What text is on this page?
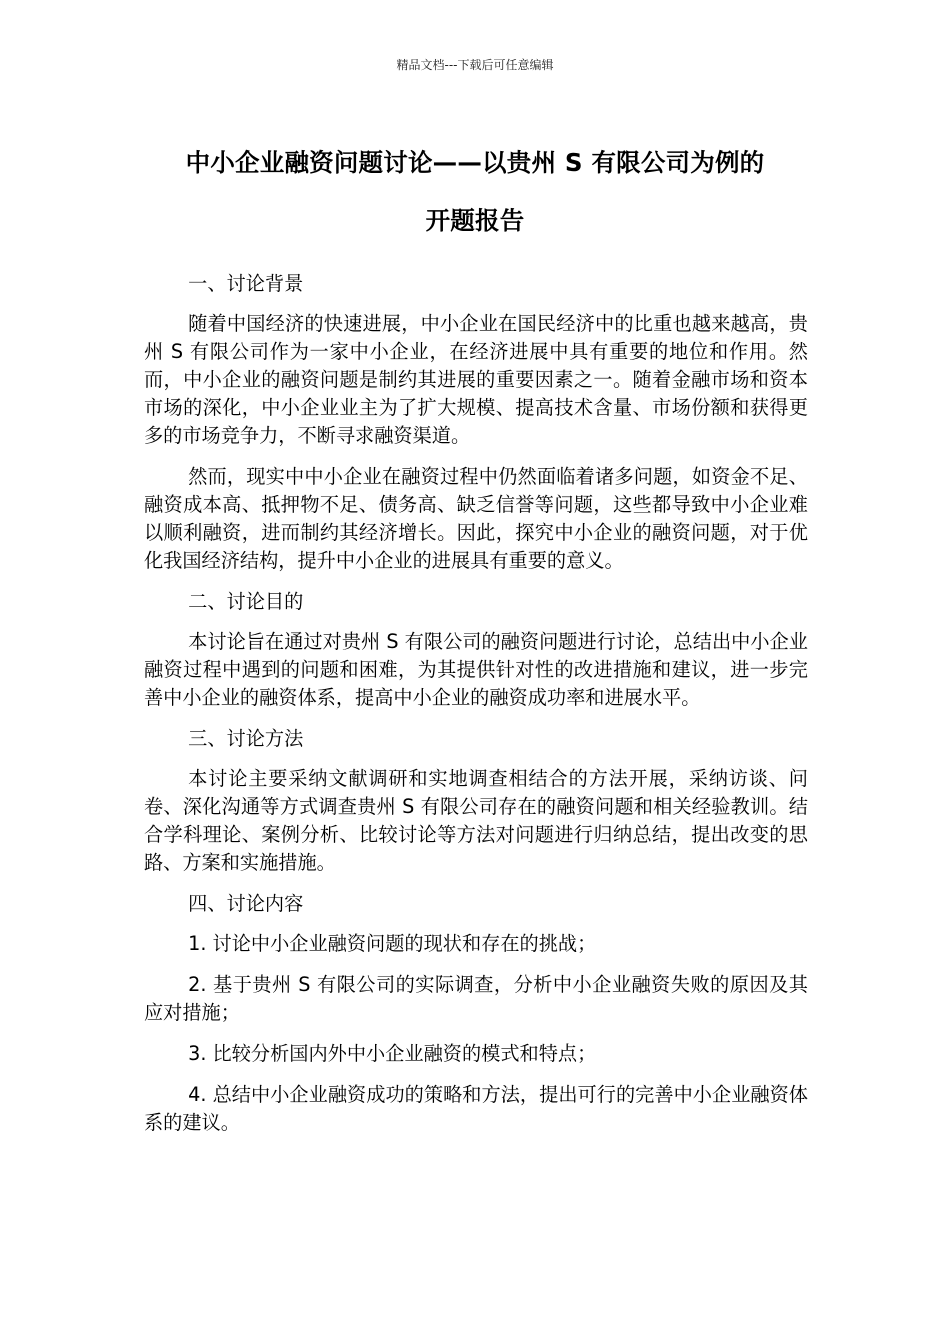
精品文档---下载后可任意编辑
中小企业融资问题讨论——以贵州 S 有限公司为例的
开题报告

一、讨论背景

随着中国经济的快速进展，中小企业在国民经济中的比重也越来越高，贵州 S 有限公司作为一家中小企业，在经济进展中具有重要的地位和作用。然而，中小企业的融资问题是制约其进展的重要因素之一。随着金融市场和资本市场的深化，中小企业业主为了扩大规模、提高技术含量、市场份额和获得更多的市场竞争力，不断寻求融资渠道。

然而，现实中中小企业在融资过程中仍然面临着诸多问题，如资金不足、融资成本高、抵押物不足、债务高、缺乏信誉等问题，这些都导致中小企业难以顺利融资，进而制约其经济增长。因此，探究中小企业的融资问题，对于优化我国经济结构，提升中小企业的进展具有重要的意义。

二、讨论目的

本讨论旨在通过对贵州 S 有限公司的融资问题进行讨论，总结出中小企业融资过程中遇到的问题和困难，为其提供针对性的改进措施和建议，进一步完善中小企业的融资体系，提高中小企业的融资成功率和进展水平。

三、讨论方法

本讨论主要采纳文献调研和实地调查相结合的方法开展，采纳访谈、问卷、深化沟通等方式调查贵州 S 有限公司存在的融资问题和相关经验教训。结合学科理论、案例分析、比较讨论等方法对问题进行归纳总结，提出改变的思路、方案和实施措施。

四、讨论内容

1. 讨论中小企业融资问题的现状和存在的挑战；

2. 基于贵州 S 有限公司的实际调查，分析中小企业融资失败的原因及其应对措施；

3. 比较分析国内外中小企业融资的模式和特点；

4. 总结中小企业融资成功的策略和方法，提出可行的完善中小企业融资体系的建议。
